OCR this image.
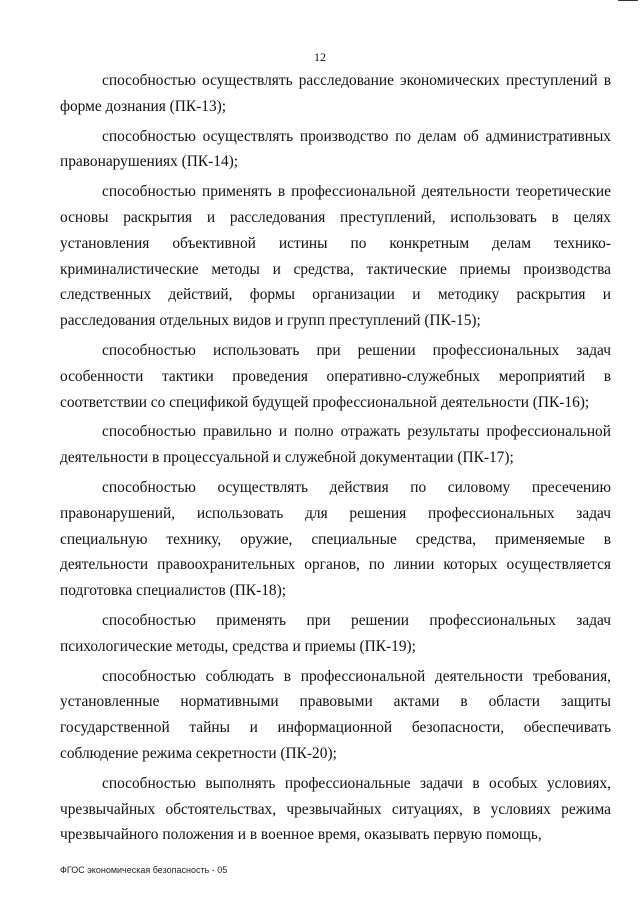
12

способностью осуществлять расследование экономических преступлений в форме дознания (ПК-13);

способностью осуществлять производство по делам об административных правонарушениях (ПК-14);

способностью применять в профессиональной деятельности теоретические основы раскрытия и расследования преступлений, использовать в целях установления объективной истины по конкретным делам технико-криминалистические методы и средства, тактические приемы производства следственных действий, формы организации и методику раскрытия и расследования отдельных видов и групп преступлений (ПК-15);

способностью использовать при решении профессиональных задач особенности тактики проведения оперативно-служебных мероприятий в соответствии со спецификой будущей профессиональной деятельности (ПК-16);

способностью правильно и полно отражать результаты профессиональной деятельности в процессуальной и служебной документации (ПК-17);

способностью осуществлять действия по силовому пресечению правонарушений, использовать для решения профессиональных задач специальную технику, оружие, специальные средства, применяемые в деятельности правоохранительных органов, по линии которых осуществляется подготовка специалистов (ПК-18);

способностью применять при решении профессиональных задач психологические методы, средства и приемы (ПК-19);

способностью соблюдать в профессиональной деятельности требования, установленные нормативными правовыми актами в области защиты государственной тайны и информационной безопасности, обеспечивать соблюдение режима секретности (ПК-20);

способностью выполнять профессиональные задачи в особых условиях, чрезвычайных обстоятельствах, чрезвычайных ситуациях, в условиях режима чрезвычайного положения и в военное время, оказывать первую помощь,

ФГОС экономическая безопасность - 05
